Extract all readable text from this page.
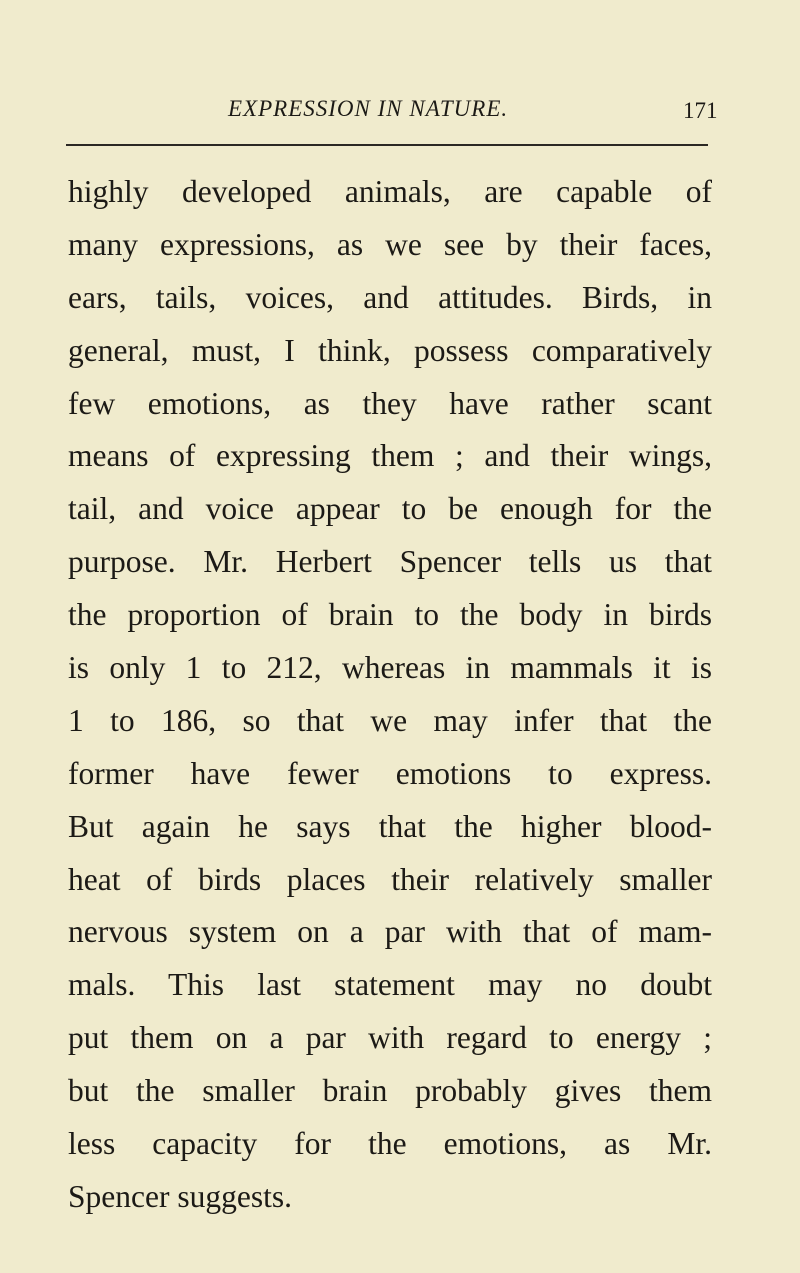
EXPRESSION IN NATURE.	171
highly developed animals, are capable of
many expressions, as we see by their faces,
ears, tails, voices, and attitudes. Birds, in
general, must, I think, possess comparatively
few emotions, as they have rather scant
means of expressing them ; and their wings,
tail, and voice appear to be enough for the
purpose. Mr. Herbert Spencer tells us that
the proportion of brain to the body in birds
is only 1 to 212, whereas in mammals it is
1 to 186, so that we may infer that the
former have fewer emotions to express.
But again he says that the higher blood-
heat of birds places their relatively smaller
nervous system on a par with that of mam-
mals. This last statement may no doubt
put them on a par with regard to energy ;
but the smaller brain probably gives them
less capacity for the emotions, as Mr.
Spencer suggests.
